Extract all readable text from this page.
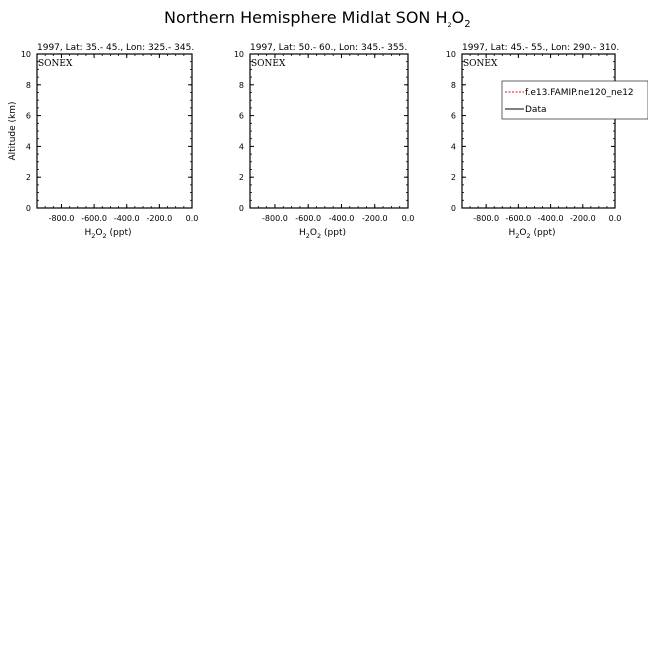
Northern Hemisphere Midlat SON $H_2O_2$
1997, Lat: 35.- 45., Lon: 325.- 345.
SONEX
-800.0 -600.0 -400.0 -200.0 0.0
0
2
4
6
8
10
$H_2O_2$ (ppt)
Altitude (km)
1997, Lat: 50.- 60., Lon: 345.- 355.
SONEX
-800.0 -600.0 -400.0 -200.0 0.0
0
2
4
6
8
10
$H_2O_2$ (ppt)
1997, Lat: 45.- 55., Lon: 290.- 310.
SONEX
-800.0 -600.0 -400.0 -200.0 0.0
0
2
4
6
8
10
$H_2O_2$ (ppt)
f.e13.FAMIP.ne120_ne12
Data
